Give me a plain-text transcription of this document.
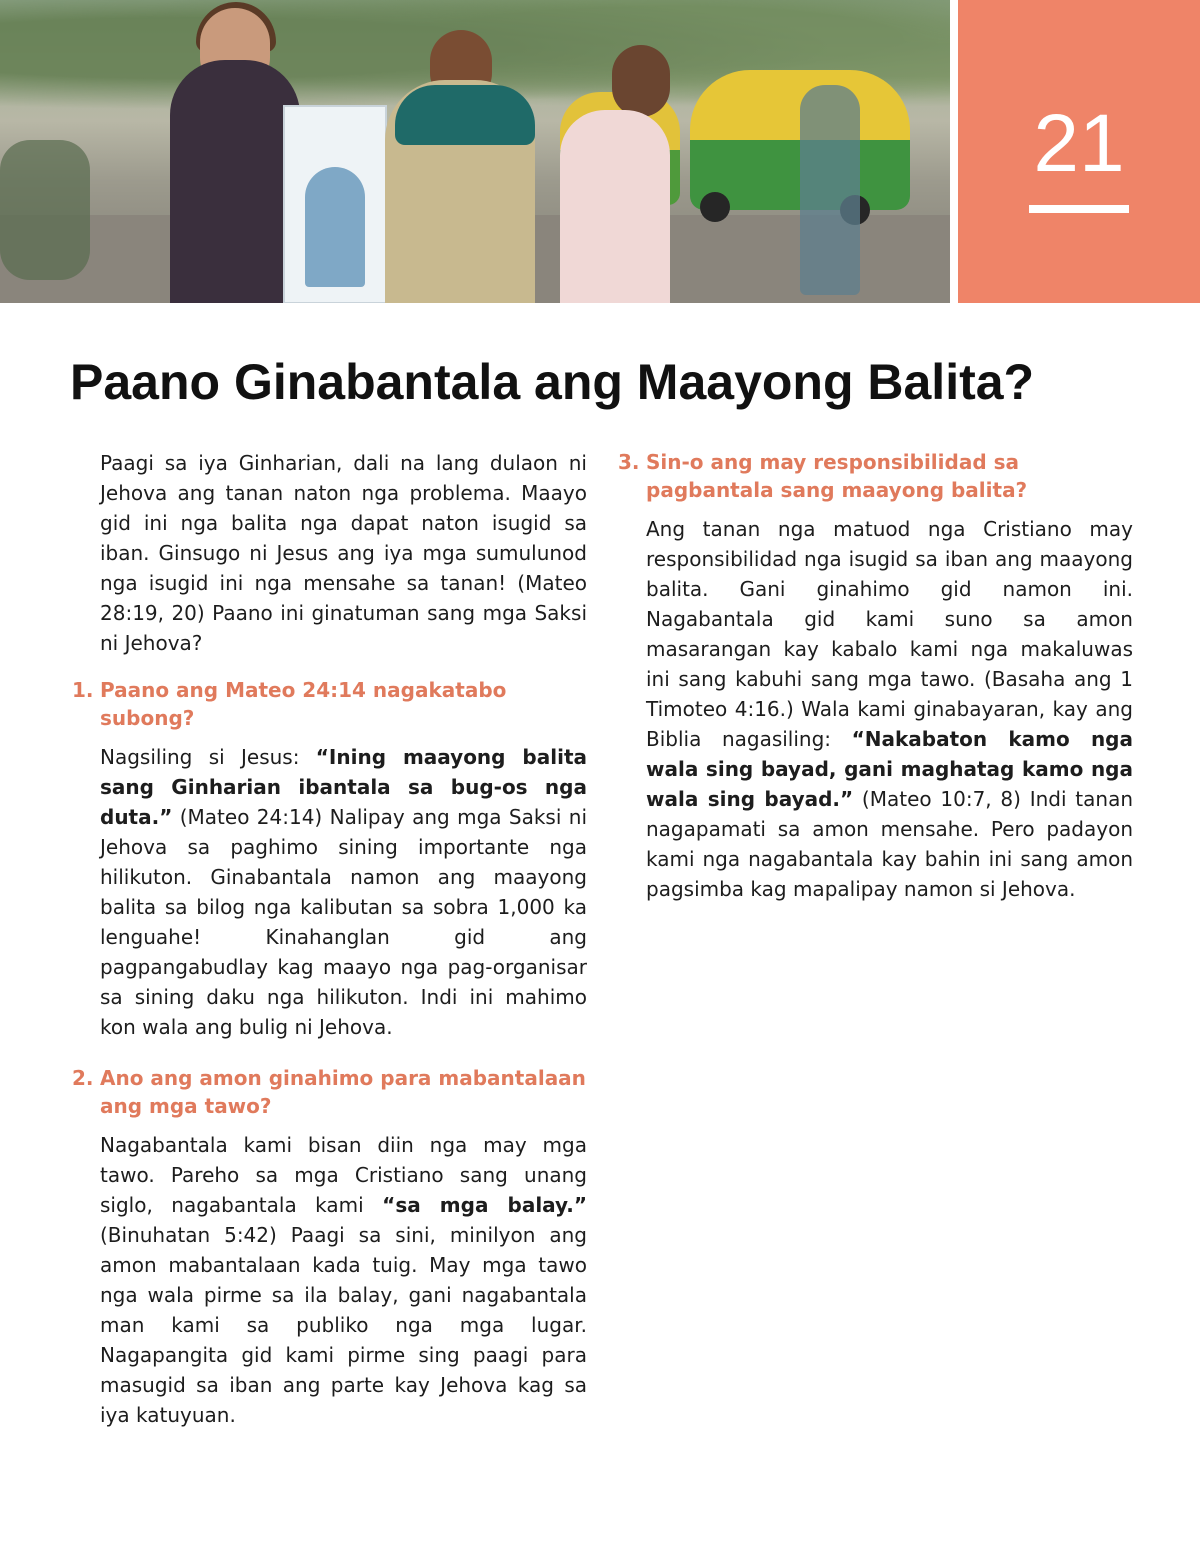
21
Paano Ginabantala ang Maayong Balita?

Paagi sa iya Ginharian, dali na lang dulaon ni Jehova ang tanan naton nga problema. Maayo gid ini nga balita nga dapat naton isugid sa iban. Ginsugo ni Jesus ang iya mga sumulunod nga isugid ini nga mensahe sa tanan! (Mateo 28:19, 20) Paano ini ginatuman sang mga Saksi ni Jehova?

1. Paano ang Mateo 24:14 nagakatabo subong?

Nagsiling si Jesus: “Ining maayong balita sang Ginharian ibantala sa bug-os nga duta.” (Mateo 24:14) Nalipay ang mga Saksi ni Jehova sa paghimo sining importante nga hilikuton. Ginabantala namon ang maayong balita sa bilog nga kalibutan sa sobra 1,000 ka lenguahe! Kinahanglan gid ang pagpangabudlay kag maayo nga pag-organisar sa sining daku nga hilikuton. Indi ini mahimo kon wala ang bulig ni Jehova.

2. Ano ang amon ginahimo para mabantalaan ang mga tawo?

Nagabantala kami bisan diin nga may mga tawo. Pareho sa mga Cristiano sang unang siglo, nagabantala kami “sa mga balay.” (Binuhatan 5:42) Paagi sa sini, minilyon ang amon mabantalaan kada tuig. May mga tawo nga wala pirme sa ila balay, gani nagabantala man kami sa publiko nga mga lugar. Nagapangita gid kami pirme sing paagi para masugid sa iban ang parte kay Jehova kag sa iya katuyuan.

3. Sin-o ang may responsibilidad sa pagbantala sang maayong balita?

Ang tanan nga matuod nga Cristiano may responsibilidad nga isugid sa iban ang maayong balita. Gani ginahimo gid namon ini. Nagabantala gid kami suno sa amon masarangan kay kabalo kami nga makaluwas ini sang kabuhi sang mga tawo. (Basaha ang 1 Timoteo 4:16.) Wala kami ginabayaran, kay ang Biblia nagasiling: “Nakabaton kamo nga wala sing bayad, gani maghatag kamo nga wala sing bayad.” (Mateo 10:7, 8) Indi tanan nagapamati sa amon mensahe. Pero padayon kami nga nagabantala kay bahin ini sang amon pagsimba kag mapalipay namon si Jehova.
